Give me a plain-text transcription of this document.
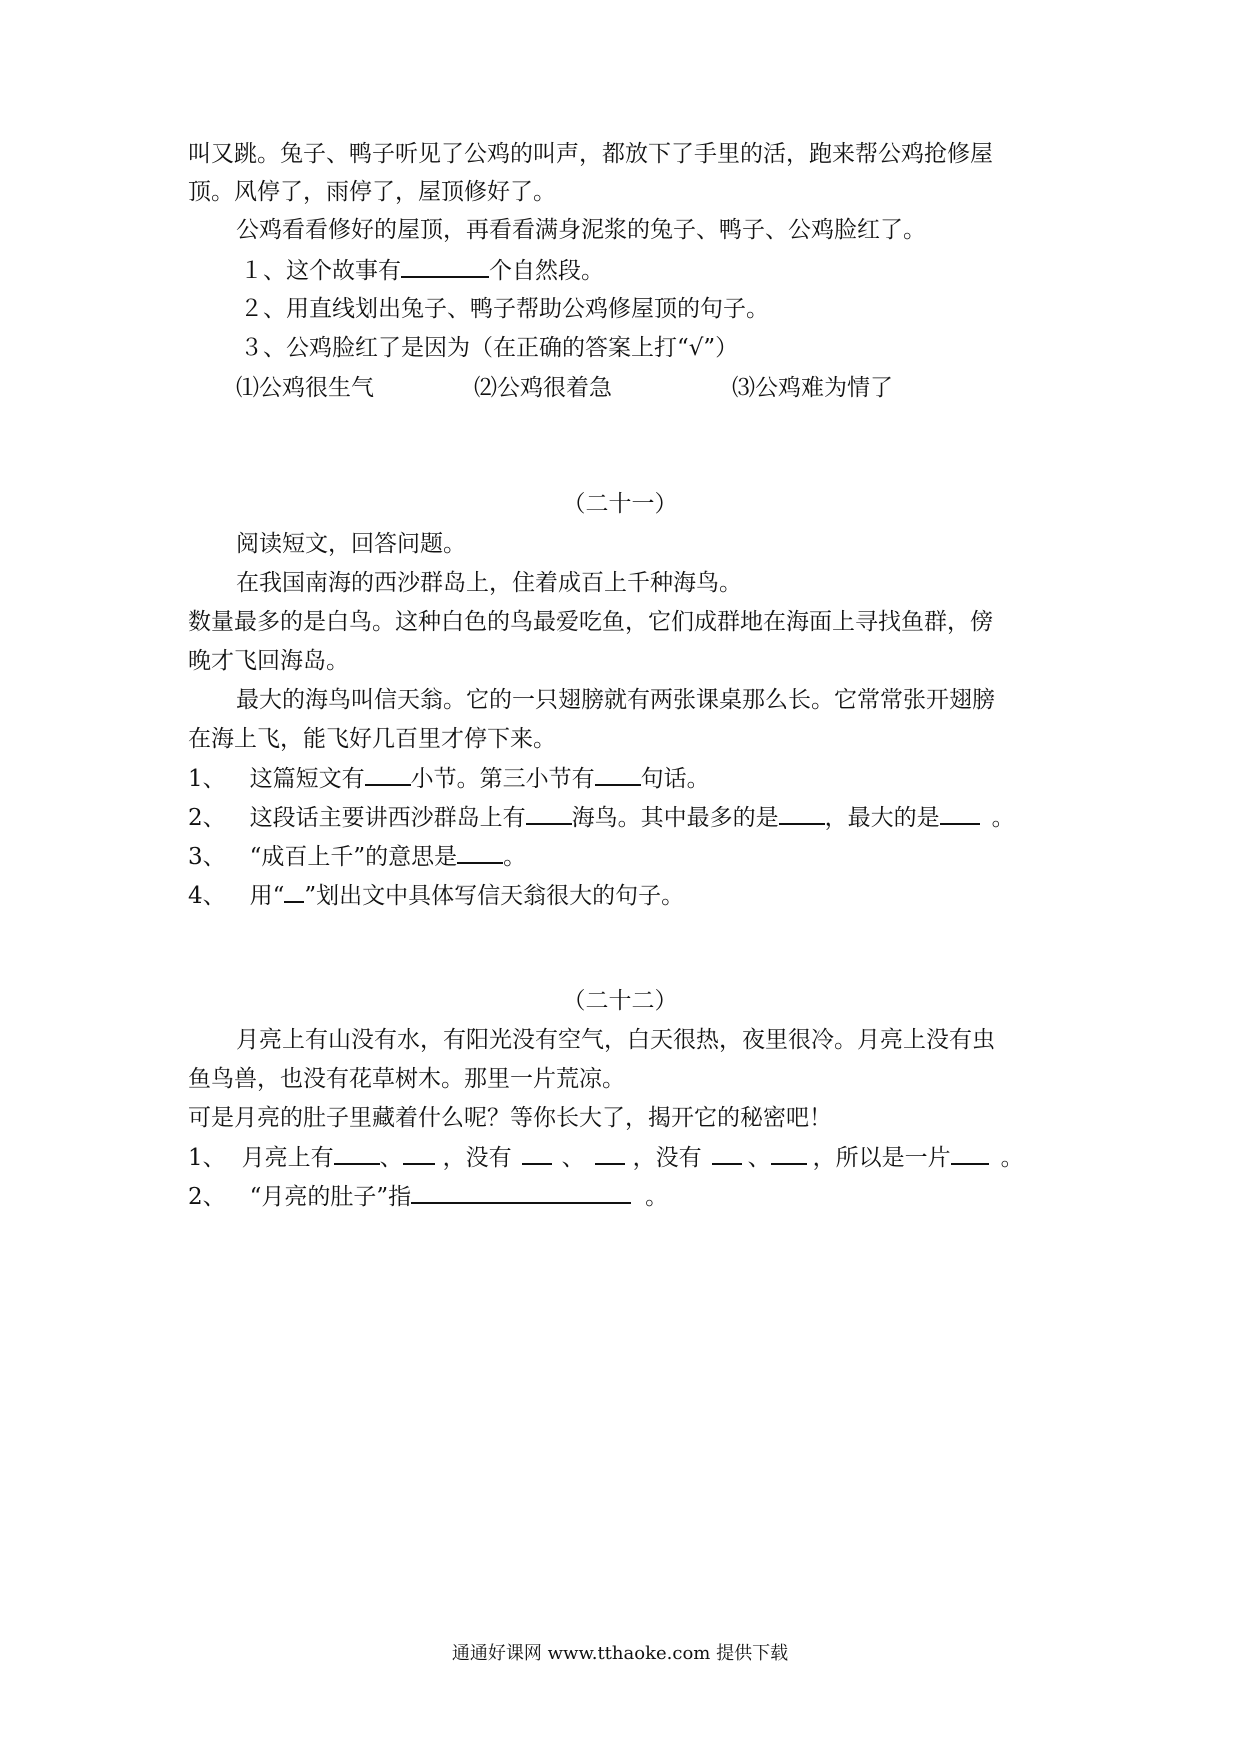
叫又跳。兔子、鸭子听见了公鸡的叫声，都放下了手里的活，跑来帮公鸡抢修屋
顶。风停了，雨停了，屋顶修好了。
公鸡看看修好的屋顶，再看看满身泥浆的兔子、鸭子、公鸡脸红了。
１、这个故事有	个自然段。
２、用直线划出兔子、鸭子帮助公鸡修屋顶的句子。
３、公鸡脸红了是因为（在正确的答案上打“√”）
⑴公鸡很生气	⑵公鸡很着急	⑶公鸡难为情了
（二十一）
阅读短文，回答问题。
在我国南海的西沙群岛上，住着成百上千种海鸟。
数量最多的是白鸟。这种白色的鸟最爱吃鱼，它们成群地在海面上寻找鱼群，傍
晚才飞回海岛。
最大的海鸟叫信天翁。它的一只翅膀就有两张课桌那么长。它常常张开翅膀
在海上飞，能飞好几百里才停下来。
1、 这篇短文有 小节。第三小节有 句话。
2、 这段话主要讲西沙群岛上有 海鸟。其中最多的是 ，最大的是 。
3、 “成百上千”的意思是 。
4、 用“ ”划出文中具体写信天翁很大的句子。
（二十二）
月亮上有山没有水，有阳光没有空气，白天很热，夜里很冷。月亮上没有虫
鱼鸟兽，也没有花草树木。那里一片荒凉。
可是月亮的肚子里藏着什么呢？等你长大了，揭开它的秘密吧！
1、 月亮上有 、 ，没有 、 ，没有 、 ，所以是一片 。
2、 “月亮的肚子”指	。
通通好课网 www.tthaoke.com 提供下载
